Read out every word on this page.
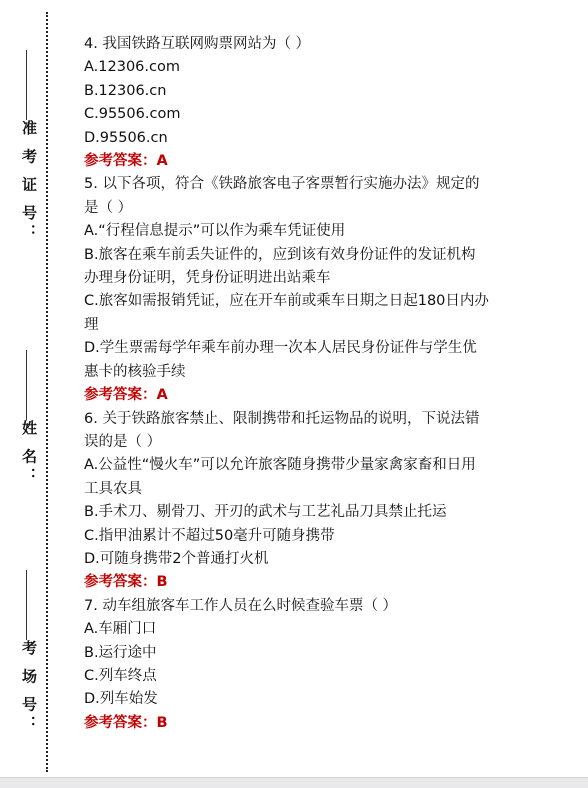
准 考 证 号：
姓 名：
考 场 号：
4. 我国铁路互联网购票网站为（ ）
A.12306.com
B.12306.cn
C.95506.com
D.95506.cn
参考答案：A
5. 以下各项，符合《铁路旅客电子客票暂行实施办法》规定的
是（ ）
A.“行程信息提示”可以作为乘车凭证使用
B.旅客在乘车前丢失证件的，应到该有效身份证件的发证机构
办理身份证明，凭身份证明进出站乘车
C.旅客如需报销凭证，应在开车前或乘车日期之日起180日内办
理
D.学生票需每学年乘车前办理一次本人居民身份证件与学生优
惠卡的核验手续
参考答案：A
6. 关于铁路旅客禁止、限制携带和托运物品的说明，下说法错
误的是（ ）
A.公益性“慢火车”可以允许旅客随身携带少量家禽家畜和日用
工具农具
B.手术刀、剔骨刀、开刃的武术与工艺礼品刀具禁止托运
C.指甲油累计不超过50毫升可随身携带
D.可随身携带2个普通打火机
参考答案：B
7. 动车组旅客车工作人员在么时候查验车票（ ）
A.车厢门口
B.运行途中
C.列车终点
D.列车始发
参考答案：B
